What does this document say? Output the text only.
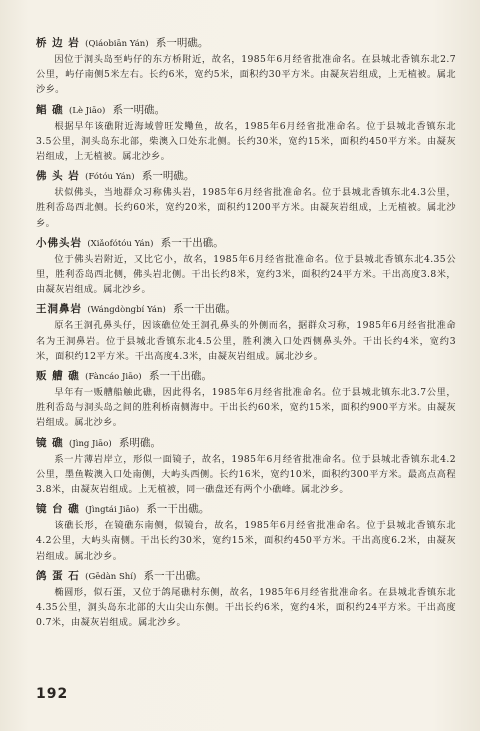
桥 边 岩 (Qiáobiān Yán) 系一明礁。
因位于洞头岛至屿仔的东方桥附近，故名，1985年6月经省批准命名。在县城北香镇东北2.7公里，屿仔南侧5米左右。长约6米，宽约5米，面积约30平方米。由凝灰岩组成，上无植被。属北沙乡。
鲳 礁 (Lè Jiāo) 系一明礁。
根据早年该礁附近海域曾旺发鳓鱼，故名，1985年6月经省批准命名。位于县城北香镇东北3.5公里，洞头岛东北部，柴澳入口处东北侧。长约30米，宽约15米，面积约450平方米。由凝灰岩组成，上无植被。属北沙乡。
佛 头 岩 (Fótóu Yán) 系一明礁。
状似佛头，当地群众习称佛头岩，1985年6月经省批准命名。位于县城北香镇东北4.3公里，胜利岙岛西北侧。长约60米，宽约20米，面积约1200平方米。由凝灰岩组成，上无植被。属北沙乡。
小佛头岩 (Xiǎofótóu Yán) 系一干出礁。
位于佛头岩附近，又比它小，故名，1985年6月经省批准命名。位于县城北香镇东北4.35公里，胜利岙岛西北侧，佛头岩北侧。干出长约8米，宽约3米，面积约24平方米。干出高度3.8米，由凝灰岩组成。属北沙乡。
王洞鼻岩 (Wángdòngbí Yán) 系一干出礁。
原名王洞孔鼻头仔，因该礁位处王洞孔鼻头的外侧而名，据群众习称，1985年6月经省批准命名为王洞鼻岩。位于县城北香镇东北4.5公里，胜利澳入口处西侧鼻头外。干出长约4米，宽约3米，面积约12平方米。干出高度4.3米，由凝灰岩组成。属北沙乡。
贩 艚 礁 (Fàncáo Jiāo) 系一干出礁。
早年有一贩艚船触此礁，因此得名，1985年6月经省批准命名。位于县城北镇东北3.7公里，胜利岙岛与洞头岛之间的胜利桥南侧海中。干出长约60米，宽约15米，面积约900平方米。由凝灰岩组成。属北沙乡。
镜 礁 (Jìng Jiāo) 系明礁。
系一片薄岩岸立，形似一面镜子，故名，1985年6月经省批准命名。位于县城北香镇东北4.2公里，墨鱼鞍澳入口处南侧，大屿头西侧。长约16米，宽约10米，面积约300平方米。最高点高程3.8米，由凝灰岩组成。上无植被，同一礁盘还有两个小礁峰。属北沙乡。
镜 台 礁 (Jìngtái Jiāo) 系一干出礁。
该礁长形，在镜礁东南侧，似镜台，故名，1985年6月经省批准命名。位于县城北香镇东北4.2公里，大屿头南侧。干出长约30米，宽约15米，面积约450平方米。干出高度6.2米，由凝灰岩组成。属北沙乡。
鸽 蛋 石 (Gēdàn Shí) 系一干出礁。
椭圆形，似石蛋，又位于鸽尾礁村东侧，故名，1985年6月经省批准命名。在县城北香镇东北4.35公里，洞头岛东北部的大山尖山东侧。干出长约6米，宽约4米，面积约24平方米。干出高度0.7米，由凝灰岩组成。属北沙乡。
192
